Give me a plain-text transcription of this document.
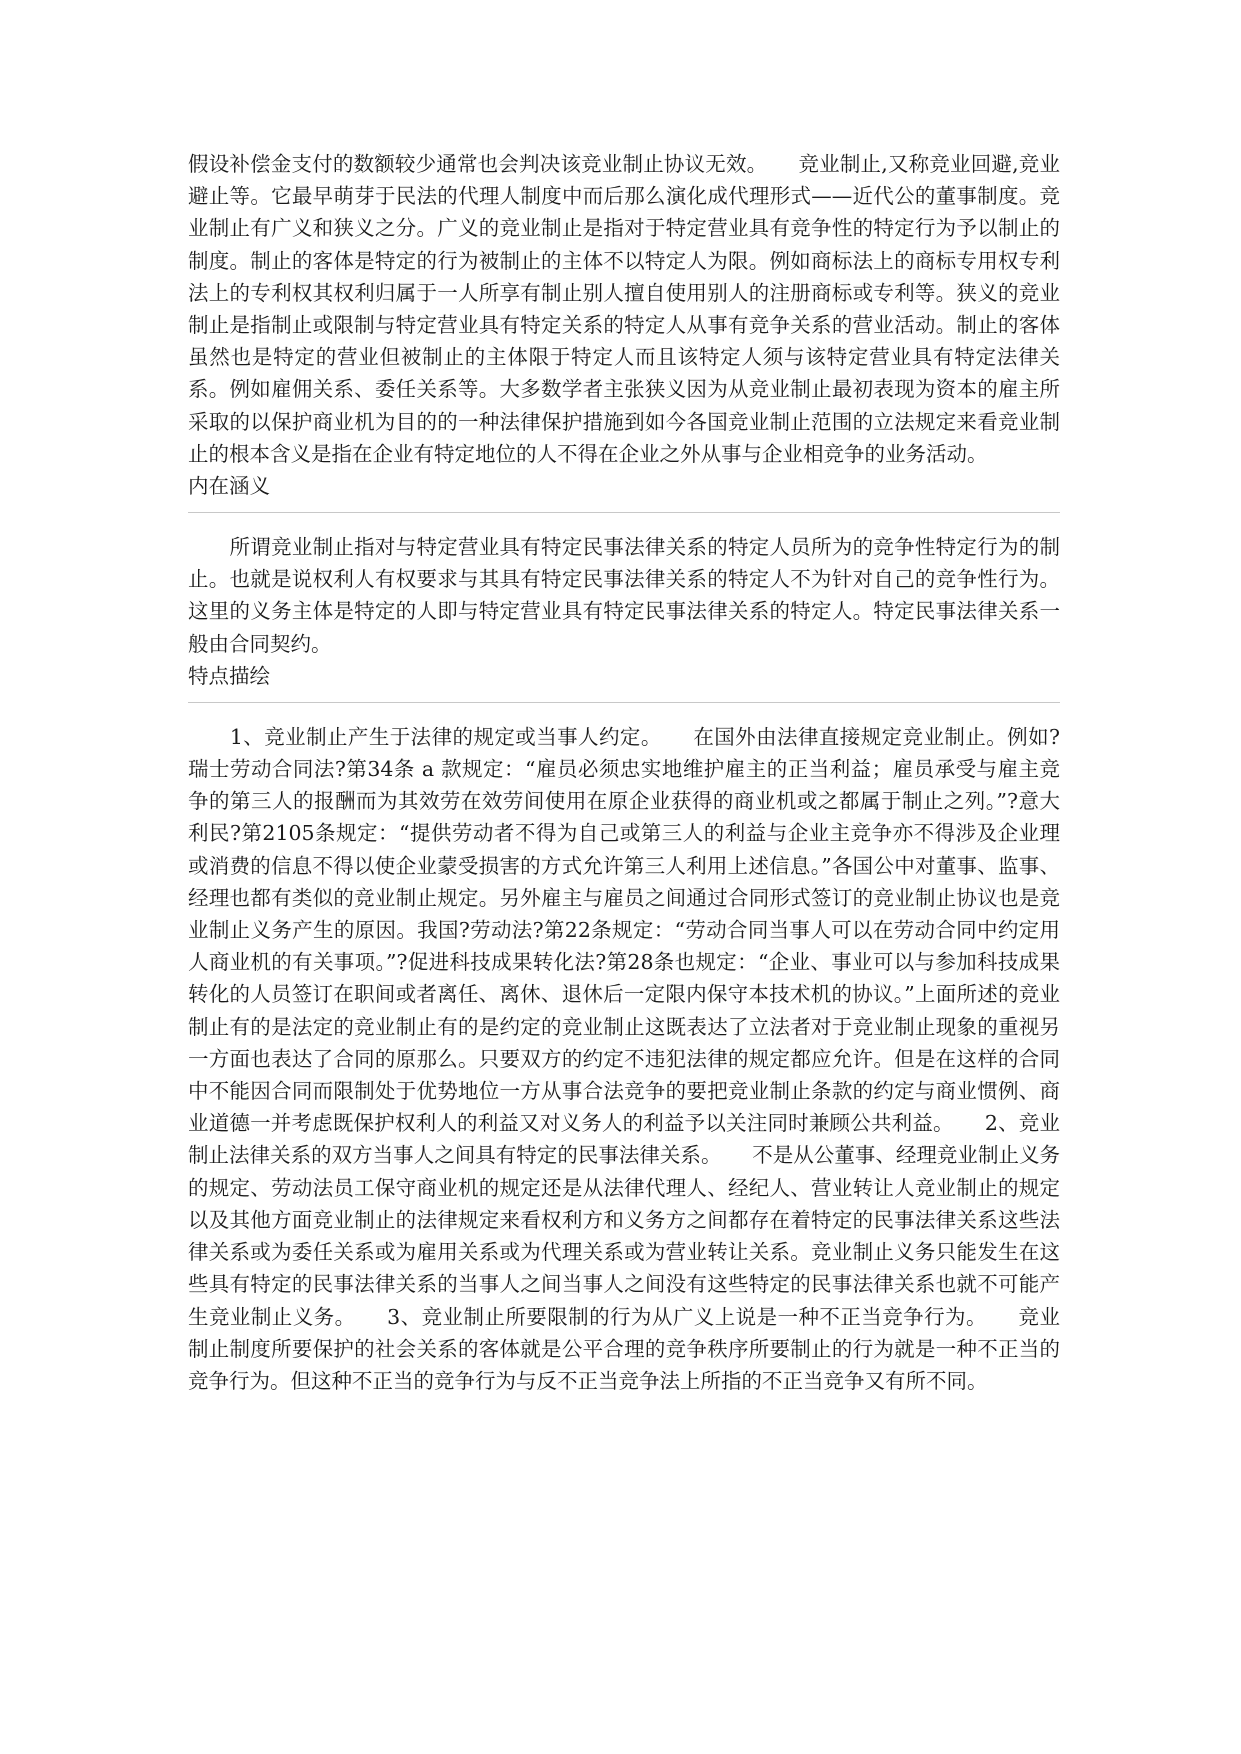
假设补偿金支付的数额较少通常也会判决该竞业制止协议无效。　　竞业制止,又称竞业回避,竞业避止等。它最早萌芽于民法的代理人制度中而后那么演化成代理形式——近代公的董事制度。竞业制止有广义和狭义之分。广义的竞业制止是指对于特定营业具有竞争性的特定行为予以制止的制度。制止的客体是特定的行为被制止的主体不以特定人为限。例如商标法上的商标专用权专利法上的专利权其权利归属于一人所享有制止别人擅自使用别人的注册商标或专利等。狭义的竞业制止是指制止或限制与特定营业具有特定关系的特定人从事有竞争关系的营业活动。制止的客体虽然也是特定的营业但被制止的主体限于特定人而且该特定人须与该特定营业具有特定法律关系。例如雇佣关系、委任关系等。大多数学者主张狭义因为从竞业制止最初表现为资本的雇主所采取的以保护商业机为目的的一种法律保护措施到如今各国竞业制止范围的立法规定来看竞业制止的根本含义是指在企业有特定地位的人不得在企业之外从事与企业相竞争的业务活动。

内在涵义

　　所谓竞业制止指对与特定营业具有特定民事法律关系的特定人员所为的竞争性特定行为的制止。也就是说权利人有权要求与其具有特定民事法律关系的特定人不为针对自己的竞争性行为。这里的义务主体是特定的人即与特定营业具有特定民事法律关系的特定人。特定民事法律关系一般由合同契约。

特点描绘

　　1、竞业制止产生于法律的规定或当事人约定。　　在国外由法律直接规定竞业制止。例如?瑞士劳动合同法?第34条 a 款规定：“雇员必须忠实地维护雇主的正当利益；雇员承受与雇主竞争的第三人的报酬而为其效劳在效劳间使用在原企业获得的商业机或之都属于制止之列。”?意大利民?第2105条规定：“提供劳动者不得为自己或第三人的利益与企业主竞争亦不得涉及企业理或消费的信息不得以使企业蒙受损害的方式允许第三人利用上述信息。”各国公中对董事、监事、经理也都有类似的竞业制止规定。另外雇主与雇员之间通过合同形式签订的竞业制止协议也是竞业制止义务产生的原因。我国?劳动法?第22条规定：“劳动合同当事人可以在劳动合同中约定用人商业机的有关事项。”?促进科技成果转化法?第28条也规定：“企业、事业可以与参加科技成果转化的人员签订在职间或者离任、离休、退休后一定限内保守本技术机的协议。”上面所述的竞业制止有的是法定的竞业制止有的是约定的竞业制止这既表达了立法者对于竞业制止现象的重视另一方面也表达了合同的原那么。只要双方的约定不违犯法律的规定都应允许。但是在这样的合同中不能因合同而限制处于优势地位一方从事合法竞争的要把竞业制止条款的约定与商业惯例、商业道德一并考虑既保护权利人的利益又对义务人的利益予以关注同时兼顾公共利益。　　2、竞业制止法律关系的双方当事人之间具有特定的民事法律关系。　　不是从公董事、经理竞业制止义务的规定、劳动法员工保守商业机的规定还是从法律代理人、经纪人、营业转让人竞业制止的规定以及其他方面竞业制止的法律规定来看权利方和义务方之间都存在着特定的民事法律关系这些法律关系或为委任关系或为雇用关系或为代理关系或为营业转让关系。竞业制止义务只能发生在这些具有特定的民事法律关系的当事人之间当事人之间没有这些特定的民事法律关系也就不可能产生竞业制止义务。　　3、竞业制止所要限制的行为从广义上说是一种不正当竞争行为。　　竞业制止制度所要保护的社会关系的客体就是公平合理的竞争秩序所要制止的行为就是一种不正当的竞争行为。但这种不正当的竞争行为与反不正当竞争法上所指的不正当竞争又有所不同。
